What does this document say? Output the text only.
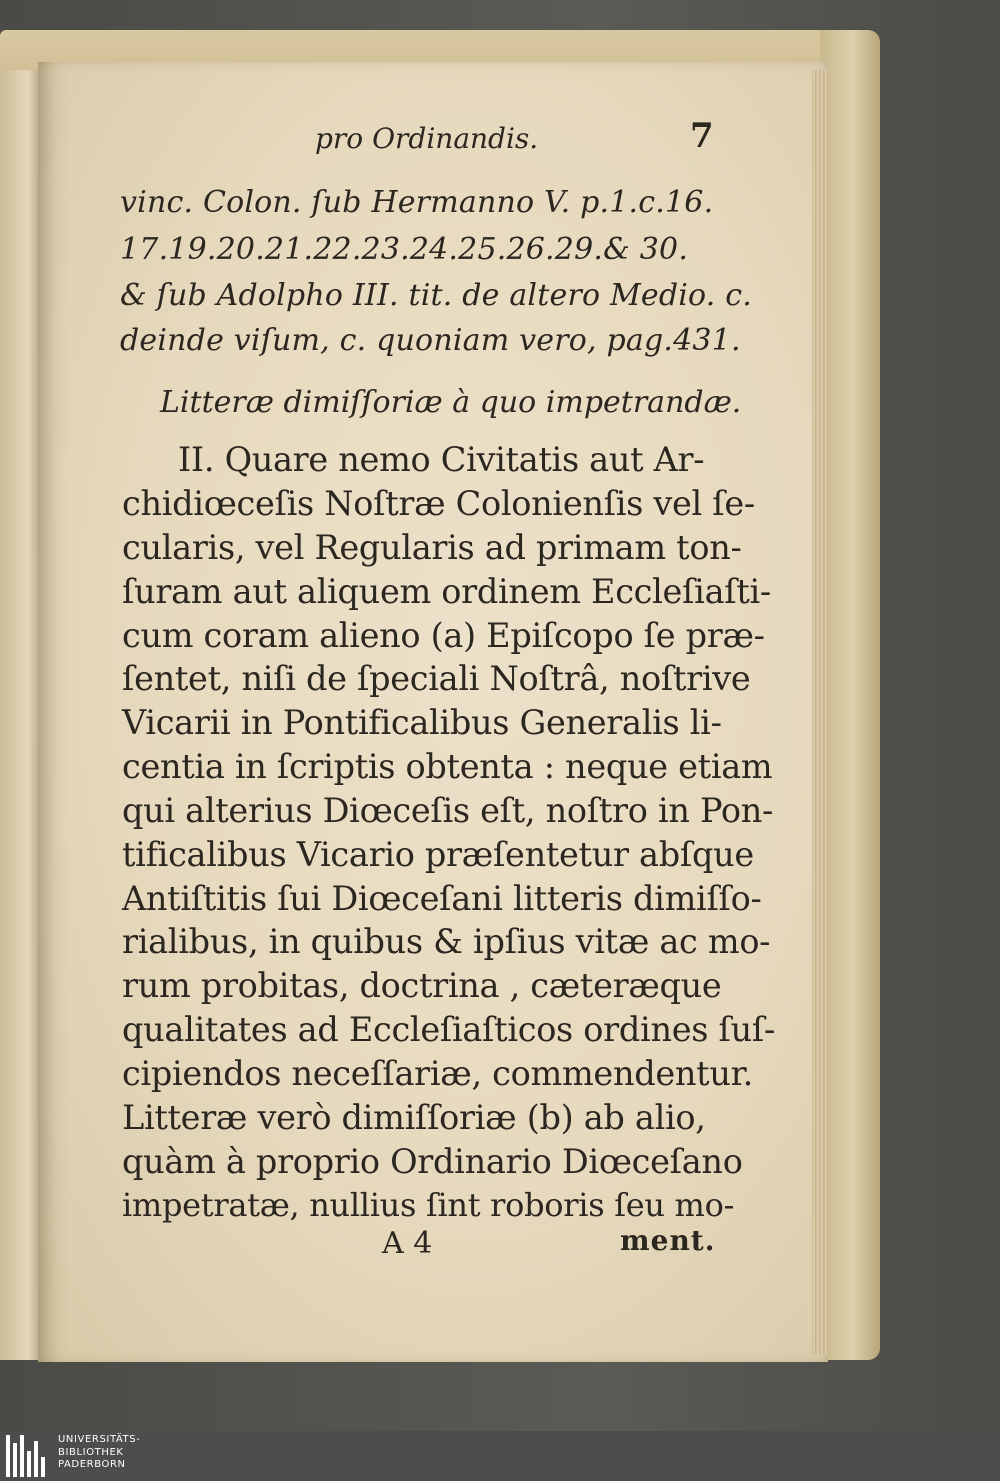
pro Ordinandis.	7
vinc. Colon. ſub Hermanno V. p.1.c.16.
17.19.20.21.22.23.24.25.26.29.& 30.
& ſub Adolpho III. tit. de altero Medio. c.
deinde viſum, c. quoniam vero, pag.431.
Litteræ dimiſſoriæ à quo impetrandæ.
II. Quare nemo Civitatis aut Ar-
chidiœceſis Noſtræ Colonienſis vel ſe-
cularis, vel Regularis ad primam ton-
ſuram aut aliquem ordinem Eccleſiaſti-
cum coram alieno (a) Epiſcopo ſe præ-
ſentet, niſi de ſpeciali Noſtrâ, noſtrive
Vicarii in Pontificalibus Generalis li-
centia in ſcriptis obtenta : neque etiam
qui alterius Diœceſis eſt, noſtro in Pon-
tificalibus Vicario præſentetur abſque
Antiſtitis ſui Diœceſani litteris dimiſſo-
rialibus, in quibus & ipſius vitæ ac mo-
rum probitas, doctrina , cæteræque
qualitates ad Eccleſiaſticos ordines ſuſ-
cipiendos neceſſariæ, commendentur.
Litteræ verò dimiſſoriæ (b) ab alio,
quàm à proprio Ordinario Diœceſano
impetratæ, nullius ſint roboris ſeu mo-
A 4	ment.
UNIVERSITÄTS-
BIBLIOTHEK
PADERBORN
